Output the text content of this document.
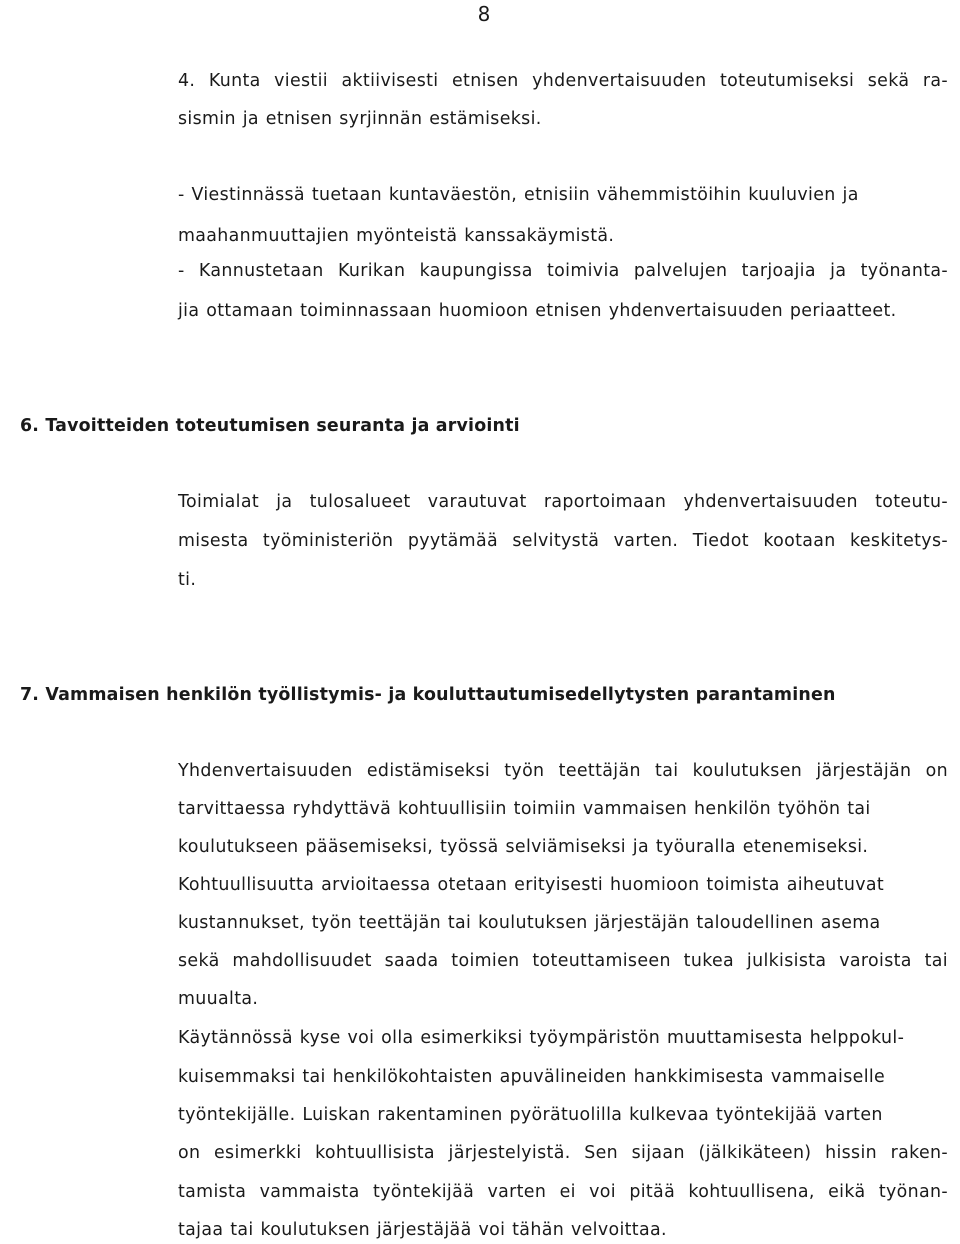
8
4. Kunta viestii aktiivisesti etnisen yhdenvertaisuuden toteutumiseksi sekä ra-
sismin ja etnisen syrjinnän estämiseksi.
- Viestinnässä tuetaan kuntaväestön, etnisiin vähemmistöihin kuuluvien ja
maahanmuuttajien myönteistä kanssakäymistä.
- Kannustetaan Kurikan kaupungissa toimivia palvelujen tarjoajia ja työnanta-
jia ottamaan toiminnassaan huomioon etnisen yhdenvertaisuuden periaatteet.
6. Tavoitteiden toteutumisen seuranta ja arviointi
Toimialat ja tulosalueet varautuvat raportoimaan yhdenvertaisuuden toteutu-
misesta työministeriön pyytämää selvitystä varten. Tiedot kootaan keskitetys-
ti.
7. Vammaisen henkilön työllistymis- ja kouluttautumisedellytysten parantaminen
Yhdenvertaisuuden edistämiseksi työn teettäjän tai koulutuksen järjestäjän on
tarvittaessa ryhdyttävä kohtuullisiin toimiin vammaisen henkilön työhön tai
koulutukseen pääsemiseksi, työssä selviämiseksi ja työuralla etenemiseksi.
Kohtuullisuutta arvioitaessa otetaan erityisesti huomioon toimista aiheutuvat
kustannukset, työn teettäjän tai koulutuksen järjestäjän taloudellinen asema
sekä mahdollisuudet saada toimien toteuttamiseen tukea julkisista varoista tai
muualta.
Käytännössä kyse voi olla esimerkiksi työympäristön muuttamisesta helppokul-
kuisemmaksi tai henkilökohtaisten apuvälineiden hankkimisesta vammaiselle
työntekijälle. Luiskan rakentaminen pyörätuolilla kulkevaa työntekijää varten
on esimerkki kohtuullisista järjestelyistä. Sen sijaan (jälkikäteen) hissin raken-
tamista vammaista työntekijää varten ei voi pitää kohtuullisena, eikä työnan-
tajaa tai koulutuksen järjestäjää voi tähän velvoittaa.
